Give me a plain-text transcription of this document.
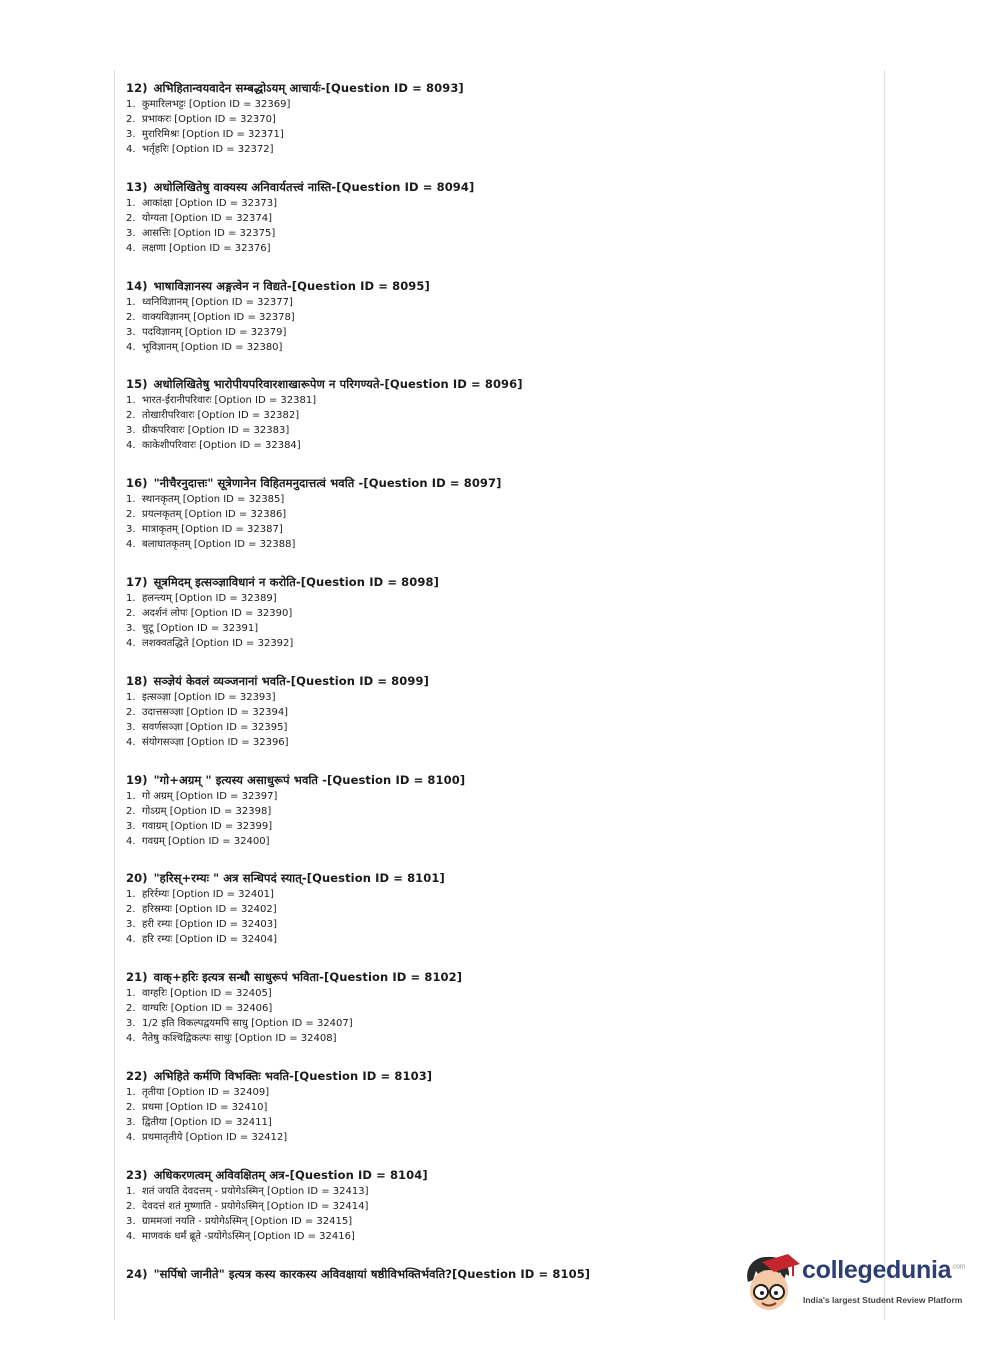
12) अभिहितान्वयवादेन सम्बद्धोऽयम् आचार्यः-[Question ID = 8093]
1. कुमारिलभट्टः [Option ID = 32369]
2. प्रभाकरः [Option ID = 32370]
3. मुरारिमिश्रः [Option ID = 32371]
4. भर्तृहरिः [Option ID = 32372]
13) अधोलिखितेषु वाक्यस्य अनिवार्यतत्त्वं नास्ति-[Question ID = 8094]
1. आकांक्षा [Option ID = 32373]
2. योग्यता [Option ID = 32374]
3. आसत्तिः [Option ID = 32375]
4. लक्षणा [Option ID = 32376]
14) भाषाविज्ञानस्य अङ्गत्वेन न विद्यते-[Question ID = 8095]
1. ध्वनिविज्ञानम् [Option ID = 32377]
2. वाक्यविज्ञानम् [Option ID = 32378]
3. पदविज्ञानम् [Option ID = 32379]
4. भूविज्ञानम् [Option ID = 32380]
15) अधोलिखितेषु भारोपीयपरिवारशाखारूपेण न परिगण्यते-[Question ID = 8096]
1. भारत-ईरानीपरिवारः [Option ID = 32381]
2. तोखारीपरिवारः [Option ID = 32382]
3. ग्रीकपरिवारः [Option ID = 32383]
4. काकेशीपरिवारः [Option ID = 32384]
16) "नीचैरनुदात्तः" सूत्रेणानेन विहितमनुदात्तत्वं भवति -[Question ID = 8097]
1. स्थानकृतम् [Option ID = 32385]
2. प्रयत्नकृतम् [Option ID = 32386]
3. मात्राकृतम् [Option ID = 32387]
4. बलाघातकृतम् [Option ID = 32388]
17) सूत्रमिदम् इत्सञ्ज्ञाविधानं न करोति-[Question ID = 8098]
1. हलन्त्यम् [Option ID = 32389]
2. अदर्शनं लोपः [Option ID = 32390]
3. चुटू [Option ID = 32391]
4. लशक्वतद्धिते [Option ID = 32392]
18) सञ्ज्ञेयं केवलं व्यञ्जनानां भवति-[Question ID = 8099]
1. इत्सञ्ज्ञा [Option ID = 32393]
2. उदात्तसञ्ज्ञा [Option ID = 32394]
3. सवर्णसञ्ज्ञा [Option ID = 32395]
4. संयोगसञ्ज्ञा [Option ID = 32396]
19) "गो+अग्रम् " इत्यस्य असाधुरूपं भवति -[Question ID = 8100]
1. गो अग्रम् [Option ID = 32397]
2. गोऽग्रम् [Option ID = 32398]
3. गवाग्रम् [Option ID = 32399]
4. गवग्रम् [Option ID = 32400]
20) "हरिस्+रम्यः " अत्र सन्धिपदं स्यात्-[Question ID = 8101]
1. हरिर्रम्यः [Option ID = 32401]
2. हरिस्रम्यः [Option ID = 32402]
3. हरी रम्यः [Option ID = 32403]
4. हरि रम्यः [Option ID = 32404]
21) वाक्+हरिः इत्यत्र सन्धौ साधुरूपं भविता-[Question ID = 8102]
1. वाग्हरिः [Option ID = 32405]
2. वाग्घरिः [Option ID = 32406]
3. 1/2 इति विकल्पद्वयमपि साधु [Option ID = 32407]
4. नैतेषु कश्चिद्विकल्पः साधुः [Option ID = 32408]
22) अभिहिते कर्मणि विभक्तिः भवति-[Question ID = 8103]
1. तृतीया [Option ID = 32409]
2. प्रथमा [Option ID = 32410]
3. द्वितीया [Option ID = 32411]
4. प्रथमातृतीये [Option ID = 32412]
23) अधिकरणत्वम् अविवक्षितम् अत्र-[Question ID = 8104]
1. शतं जयति देवदत्तम् - प्रयोगेऽस्मिन् [Option ID = 32413]
2. देवदत्तं शतं मुष्णाति - प्रयोगेऽस्मिन् [Option ID = 32414]
3. ग्राममजां नयति - प्रयोगेऽस्मिन् [Option ID = 32415]
4. माणवकं धर्मं ब्रूते -प्रयोगेऽस्मिन् [Option ID = 32416]
24) "सर्पिषो जानीते" इत्यत्र कस्य कारकस्य अविवक्षायां षष्ठीविभक्तिर्भवति?[Question ID = 8105]	collegedunia$^{.com}$
India's largest Student Review Platform
